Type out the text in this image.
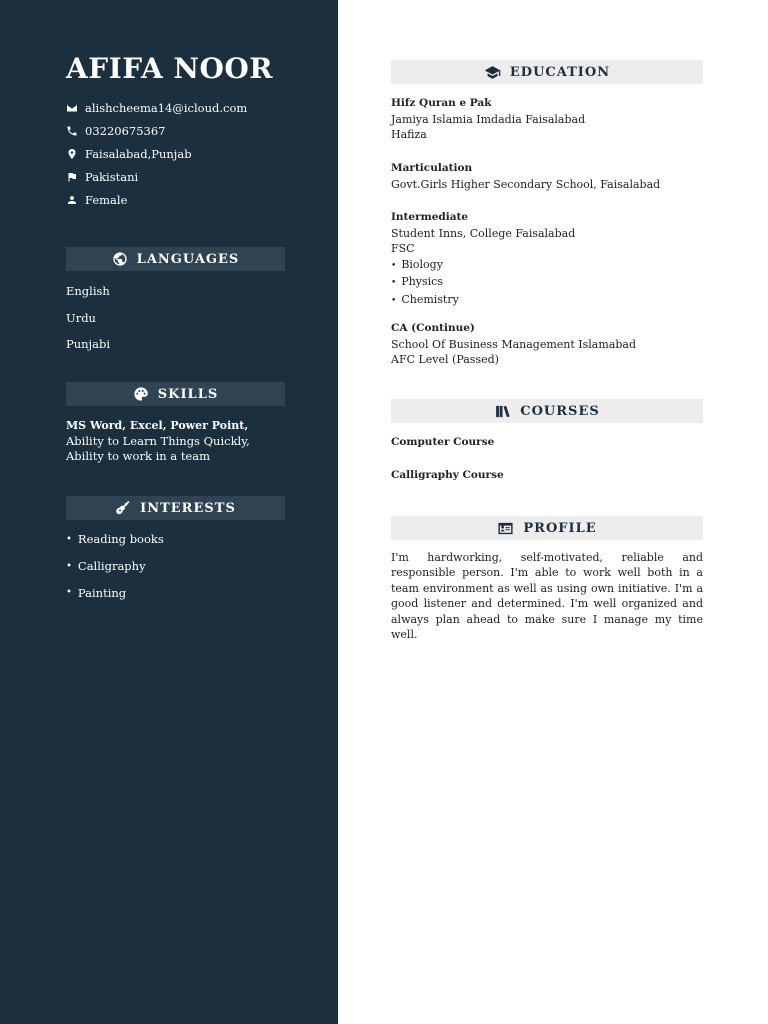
AFIFA NOOR
alishcheema14@icloud.com
03220675367
Faisalabad,Punjab
Pakistani
Female
LANGUAGES
English
Urdu
Punjabi
SKILLS
MS Word, Excel, Power Point,
Ability to Learn Things Quickly,
Ability to work in a team
INTERESTS
• Reading books
• Calligraphy
• Painting
EDUCATION
Hifz Quran e Pak
Jamiya Islamia Imdadia Faisalabad
Hafiza
Marticulation
Govt.Girls Higher Secondary School, Faisalabad
Intermediate
Student Inns, College Faisalabad
FSC
• Biology
• Physics
• Chemistry
CA (Continue)
School Of Business Management Islamabad
AFC Level (Passed)
COURSES
Computer Course
Calligraphy Course
PROFILE

I'm hardworking, self-motivated, reliable and responsible person. I'm able to work well both in a team environment as well as using own initiative. I'm a good listener and determined. I'm well organized and always plan ahead to make sure I manage my time well.
